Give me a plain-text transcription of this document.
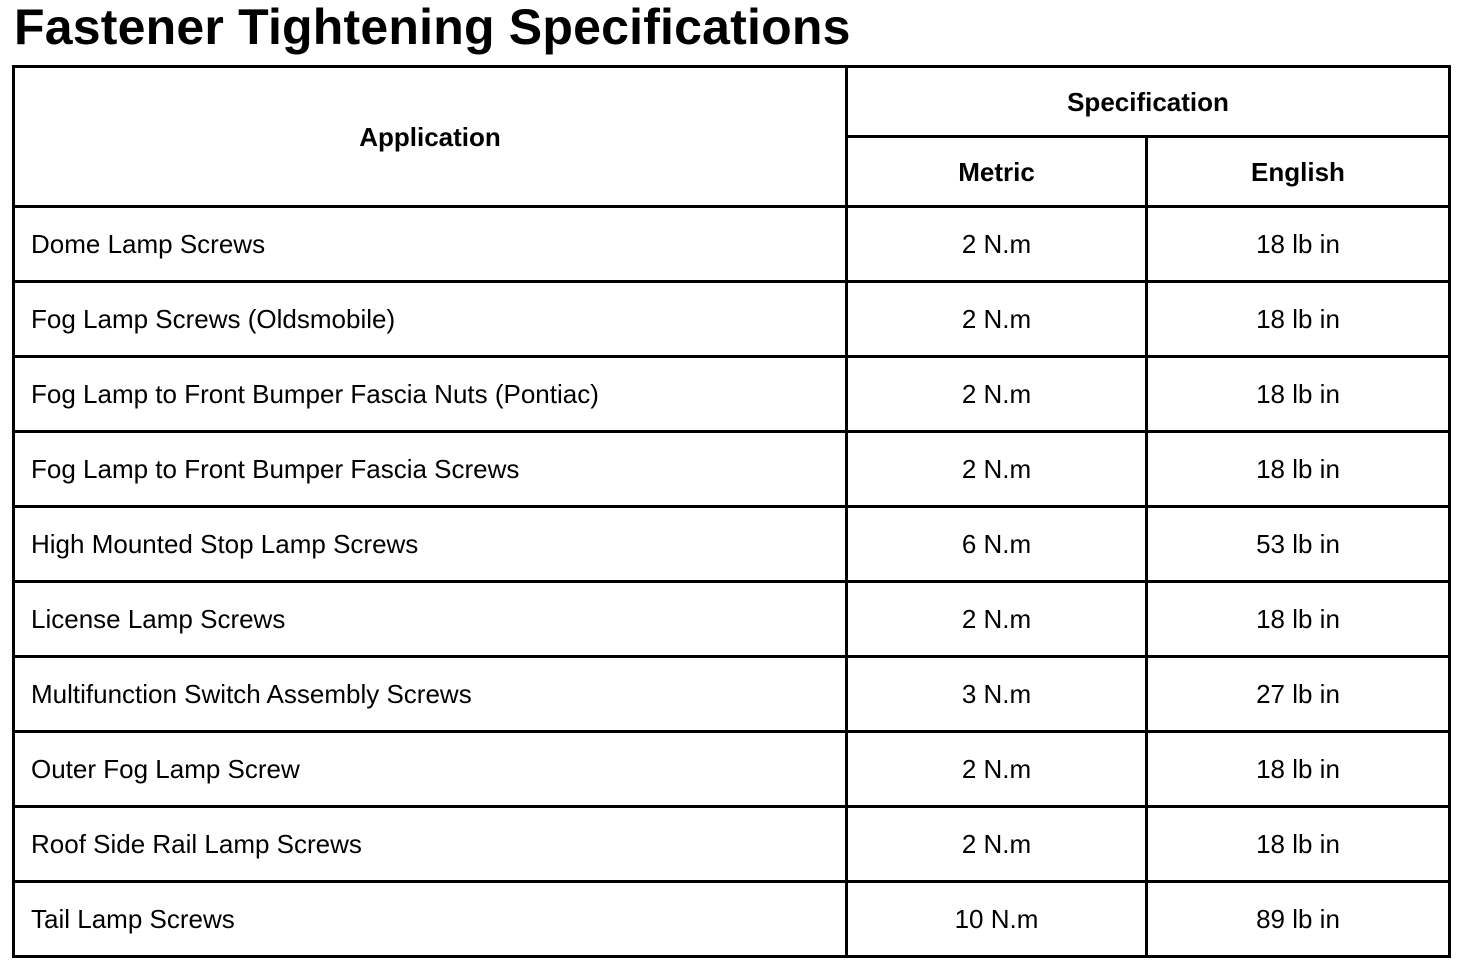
Fastener Tightening Specifications
Application	Specification	
	Metric	English
Dome Lamp Screws	2 N.m	18 lb in
Fog Lamp Screws (Oldsmobile)	2 N.m	18 lb in
Fog Lamp to Front Bumper Fascia Nuts (Pontiac)	2 N.m	18 lb in
Fog Lamp to Front Bumper Fascia Screws	2 N.m	18 lb in
High Mounted Stop Lamp Screws	6 N.m	53 lb in
License Lamp Screws	2 N.m	18 lb in
Multifunction Switch Assembly Screws	3 N.m	27 lb in
Outer Fog Lamp Screw	2 N.m	18 lb in
Roof Side Rail Lamp Screws	2 N.m	18 lb in
Tail Lamp Screws	10 N.m	89 lb in
